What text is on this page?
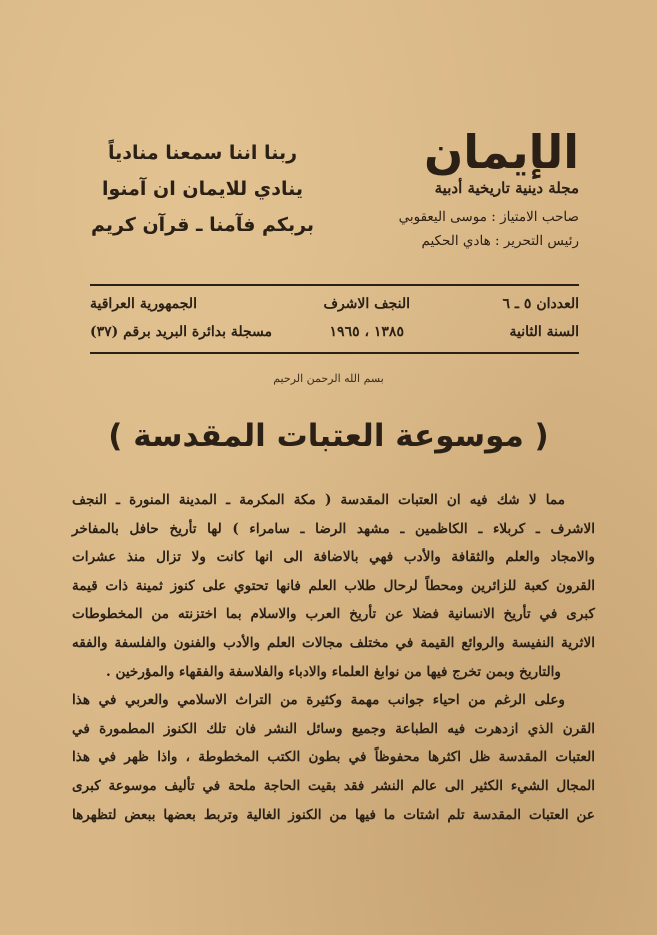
الإيمان

مجلة دينية تاريخية أدبية

صاحب الامتياز : موسى اليعقوبي

رئيس التحرير : هادي الحكيم

ربنا اننا سمعنا منادياً

ينادي للايمان ان آمنوا

بربكم فآمنا ـ قرآن كريم

العددان ٥ ـ ٦
النجف الاشرف
الجمهورية العراقية
السنة الثانية
١٣٨٥ ، ١٩٦٥
مسجلة بدائرة البريد برقم (٣٧)
بسم الله الرحمن الرحيم
( موسوعة العتبات المقدسة )

مما لا شك فيه ان العتبات المقدسة ( مكة المكرمة ـ المدينة المنورة ـ النجف

الاشرف ـ كربلاء ـ الكاظمين ـ مشهد الرضا ـ سامراء ) لها تأريخ حافل بالمفاخر

والامجاد والعلم والثقافة والأدب فهي بالاضافة الى انها كانت ولا تزال منذ عشرات

القرون كعبة للزائرين ومحطاً لرحال طلاب العلم فانها تحتوي على كنوز ثمينة ذات قيمة

كبرى في تأريخ الانسانية فضلا عن تأريخ العرب والاسلام بما اختزنته من المخطوطات

الاثرية النفيسة والروائع القيمة في مختلف مجالات العلم والأدب والفنون والفلسفة والفقه

والتاريخ وبمن تخرج فيها من نوابغ العلماء والادباء والفلاسفة والفقهاء والمؤرخين .

وعلى الرغم من احياء جوانب مهمة وكثيرة من التراث الاسلامي والعربي في هذا

القرن الذي ازدهرت فيه الطباعة وجميع وسائل النشر فان تلك الكنوز المطمورة في

العتبات المقدسة ظل اكثرها محفوظاً في بطون الكتب المخطوطة ، واذا ظهر في هذا

المجال الشيء الكثير الى عالم النشر فقد بقيت الحاجة ملحة في تأليف موسوعة كبرى

عن العتبات المقدسة تلم اشتات ما فيها من الكنوز الغالية وتربط بعضها ببعض لتظهرها
